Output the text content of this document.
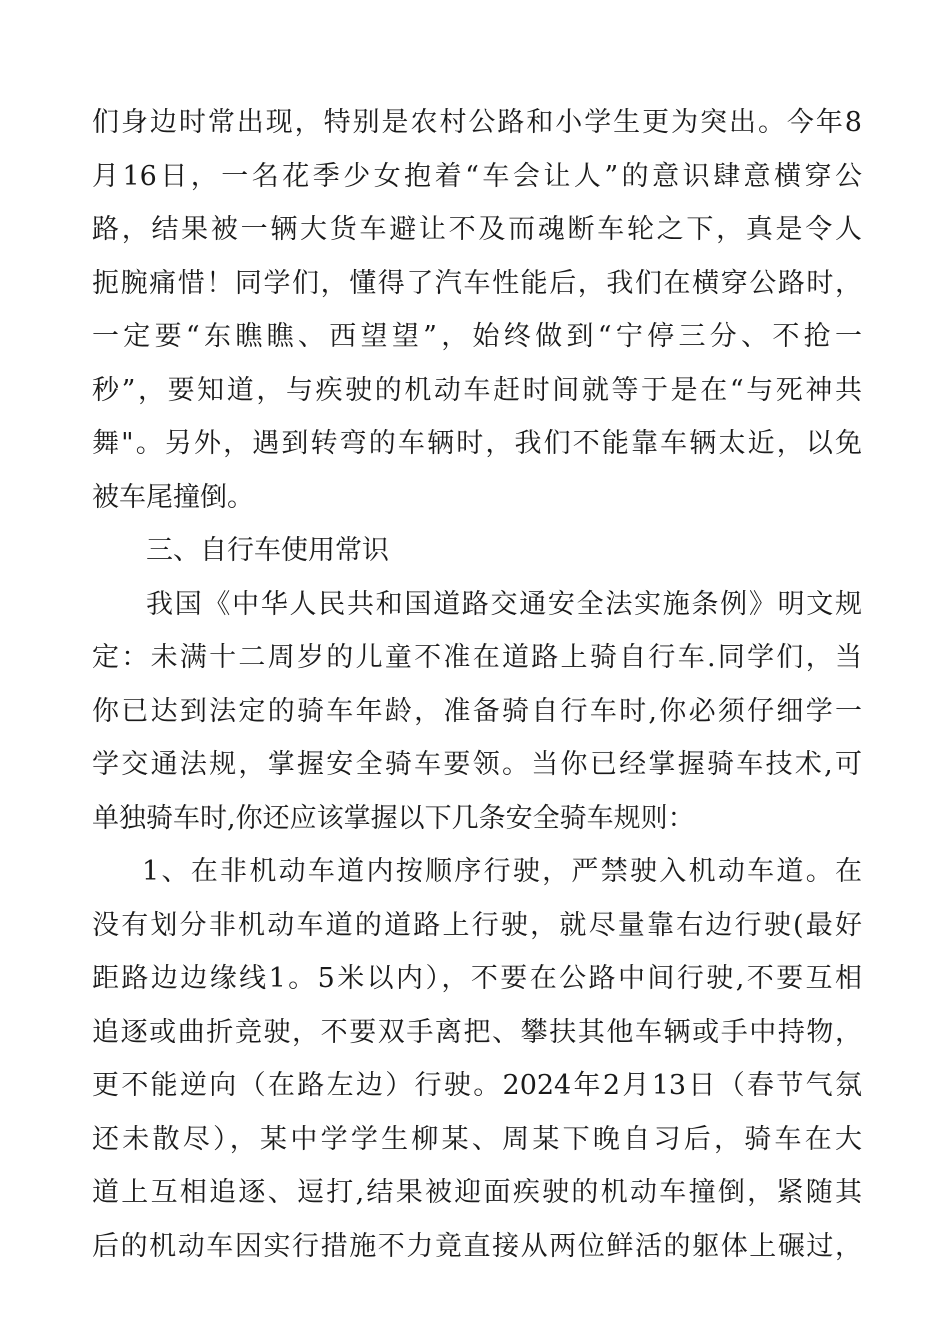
们身边时常出现，特别是农村公路和小学生更为突出。今年8
月16日，一名花季少女抱着“车会让人”的意识肆意横穿公
路，结果被一辆大货车避让不及而魂断车轮之下，真是令人
扼腕痛惜！同学们，懂得了汽车性能后，我们在横穿公路时，
一定要“东瞧瞧、西望望”，始终做到“宁停三分、不抢一
秒”，要知道，与疾驶的机动车赶时间就等于是在“与死神共
舞"。另外，遇到转弯的车辆时，我们不能靠车辆太近，以免
被车尾撞倒。
三、自行车使用常识
我国《中华人民共和国道路交通安全法实施条例》明文规
定：未满十二周岁的儿童不准在道路上骑自行车.同学们，当
你已达到法定的骑车年龄，准备骑自行车时,你必须仔细学一
学交通法规，掌握安全骑车要领。当你已经掌握骑车技术,可
单独骑车时,你还应该掌握以下几条安全骑车规则：
1、在非机动车道内按顺序行驶，严禁驶入机动车道。在
没有划分非机动车道的道路上行驶，就尽量靠右边行驶(最好
距路边边缘线1。5米以内），不要在公路中间行驶,不要互相
追逐或曲折竞驶，不要双手离把、攀扶其他车辆或手中持物，
更不能逆向（在路左边）行驶。2024年2月13日（春节气氛
还未散尽），某中学学生柳某、周某下晚自习后，骑车在大
道上互相追逐、逗打,结果被迎面疾驶的机动车撞倒，紧随其
后的机动车因实行措施不力竟直接从两位鲜活的躯体上碾过，
